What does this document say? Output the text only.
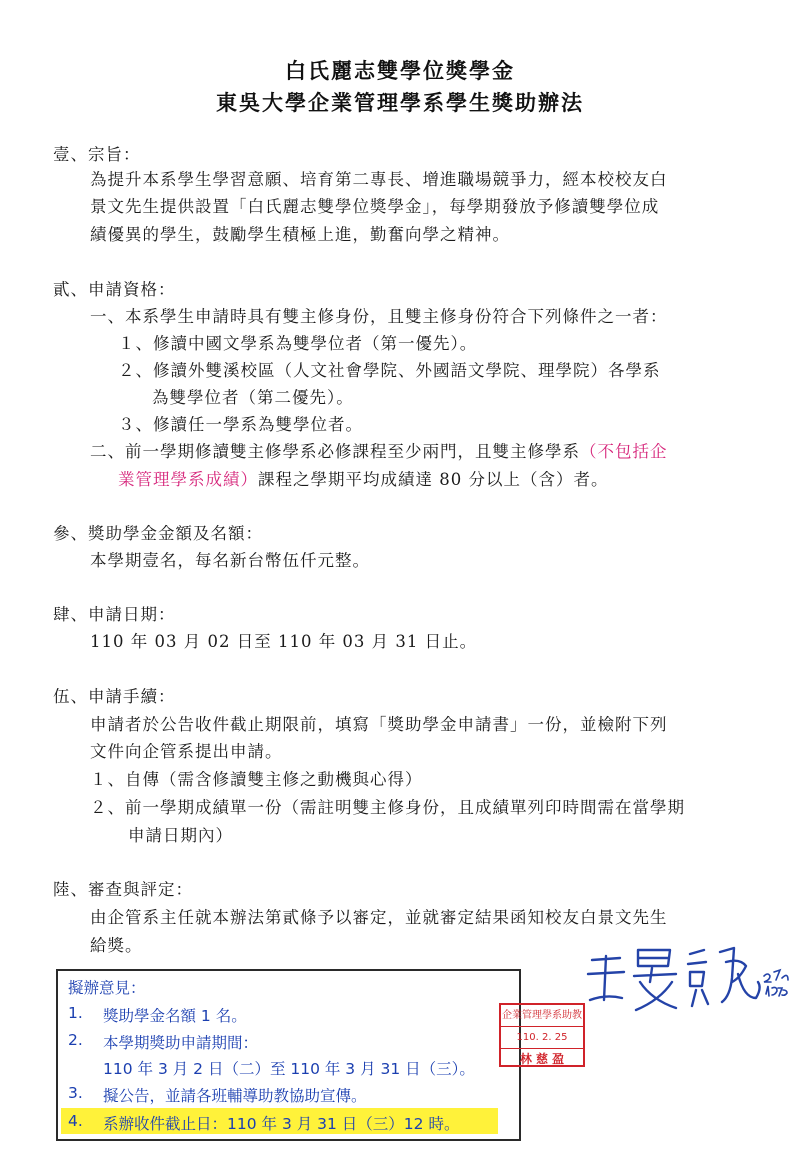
白氏麗志雙學位獎學金
東吳大學企業管理學系學生獎助辦法
壹、宗旨：
為提升本系學生學習意願、培育第二專長、增進職場競爭力，經本校校友白
景文先生提供設置「白氏麗志雙學位獎學金」，每學期發放予修讀雙學位成
績優異的學生，鼓勵學生積極上進，勤奮向學之精神。
貳、申請資格：
一、本系學生申請時具有雙主修身份，且雙主修身份符合下列條件之一者：
１、修讀中國文學系為雙學位者（第一優先）。
２、修讀外雙溪校區（人文社會學院、外國語文學院、理學院）各學系
為雙學位者（第二優先）。
３、修讀任一學系為雙學位者。
二、前一學期修讀雙主修學系必修課程至少兩門，且雙主修學系（不包括企
業管理學系成績）課程之學期平均成績達 80 分以上（含）者。
參、獎助學金金額及名額：
本學期壹名，每名新台幣伍仟元整。
肆、申請日期：
110 年 03 月 02 日至 110 年 03 月 31 日止。
伍、申請手續：
申請者於公告收件截止期限前，填寫「獎助學金申請書」一份，並檢附下列
文件向企管系提出申請。
１、自傳（需含修讀雙主修之動機與心得）
２、前一學期成績單一份（需註明雙主修身份，且成績單列印時間需在當學期
申請日期內）
陸、審查與評定：
由企管系主任就本辦法第貳條予以審定，並就審定結果函知校友白景文先生
給獎。
擬辦意見：
1. 獎助學金名額 1 名。
2. 本學期獎助申請期間：
110 年 3 月 2 日（二）至 110 年 3 月 31 日（三）。
3. 擬公告，並請各班輔導助教協助宣傳。
4. 系辦收件截止日：110 年 3 月 31 日（三）12 時。
企業管理學系助教
110. 2. 25
林 慈 盈
